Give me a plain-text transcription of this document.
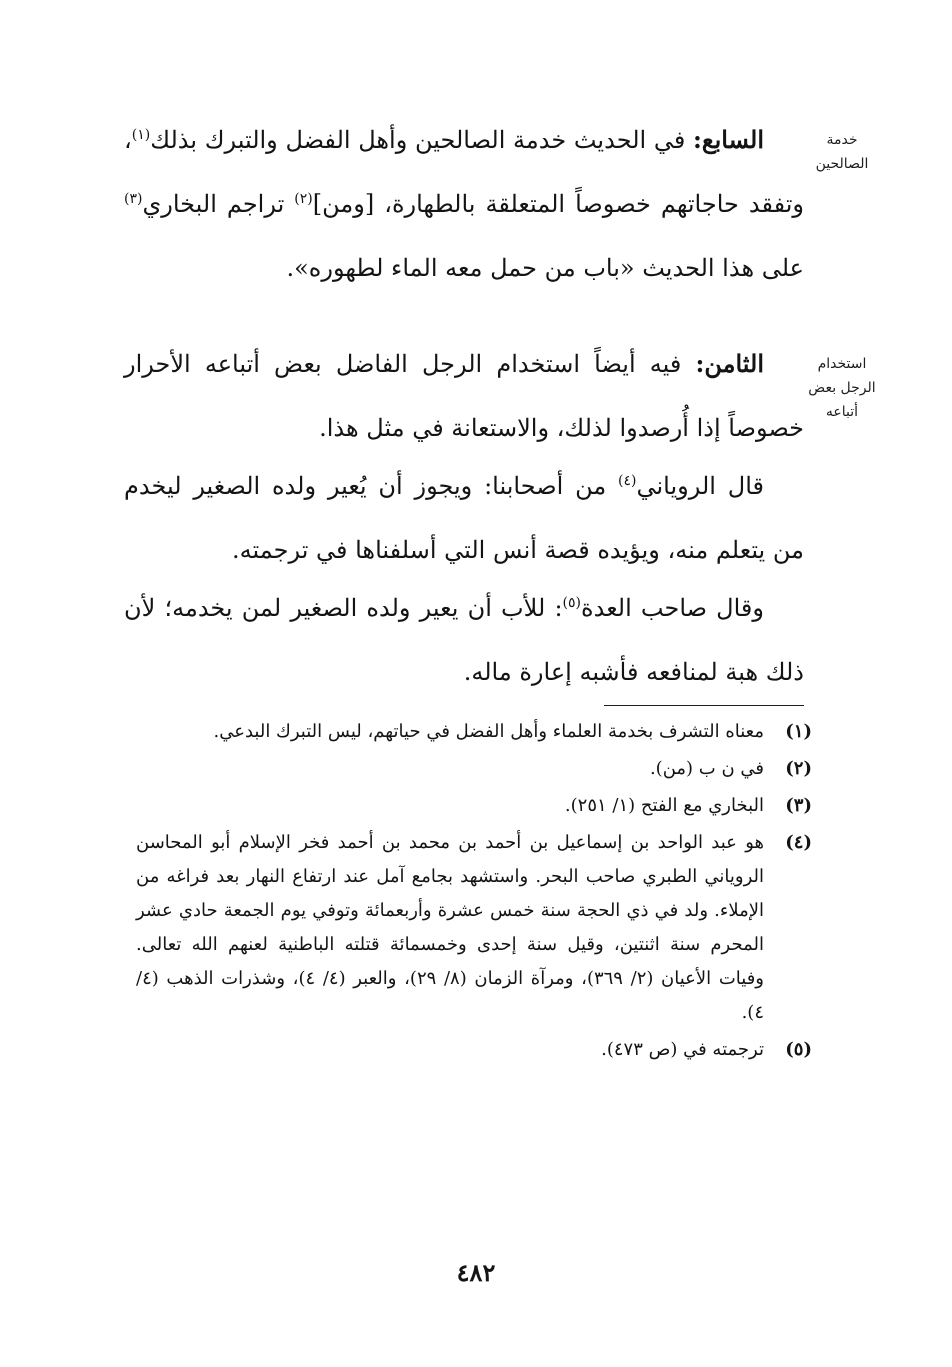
خدمة
الصالحين
استخدام
الرجل بعض
أتباعه

السابع: في الحديث خدمة الصالحين وأهل الفضل والتبرك بذلك$^{(١)}$، وتفقد حاجاتهم خصوصاً المتعلقة بالطهارة، [ومن]$^{(٢)}$ تراجم البخاري$^{(٣)}$ على هذا الحديث «باب من حمل معه الماء لطهوره».

الثامن: فيه أيضاً استخدام الرجل الفاضل بعض أتباعه الأحرار خصوصاً إذا أُرصدوا لذلك، والاستعانة في مثل هذا.

قال الروياني$^{(٤)}$ من أصحابنا: ويجوز أن يُعير ولده الصغير ليخدم من يتعلم منه، ويؤيده قصة أنس التي أسلفناها في ترجمته.

وقال صاحب العدة$^{(٥)}$: للأب أن يعير ولده الصغير لمن يخدمه؛ لأن ذلك هبة لمنافعه فأشبه إعارة ماله.

(١)
معناه التشرف بخدمة العلماء وأهل الفضل في حياتهم، ليس التبرك البدعي.
(٢)
في ن ب (من).
(٣)
البخاري مع الفتح (١/ ٢٥١).
(٤)
هو عبد الواحد بن إسماعيل بن أحمد بن محمد بن أحمد فخر الإسلام أبو المحاسن الروياني الطبري صاحب البحر. واستشهد بجامع آمل عند ارتفاع النهار بعد فراغه من الإملاء. ولد في ذي الحجة سنة خمس عشرة وأربعمائة وتوفي يوم الجمعة حادي عشر المحرم سنة اثنتين، وقيل سنة إحدى وخمسمائة قتلته الباطنية لعنهم الله تعالى. وفيات الأعيان (٢/ ٣٦٩)، ومرآة الزمان (٨/ ٢٩)، والعبر (٤/ ٤)، وشذرات الذهب (٤/ ٤).
(٥)
ترجمته في (ص ٤٧٣).
٤٨٢
